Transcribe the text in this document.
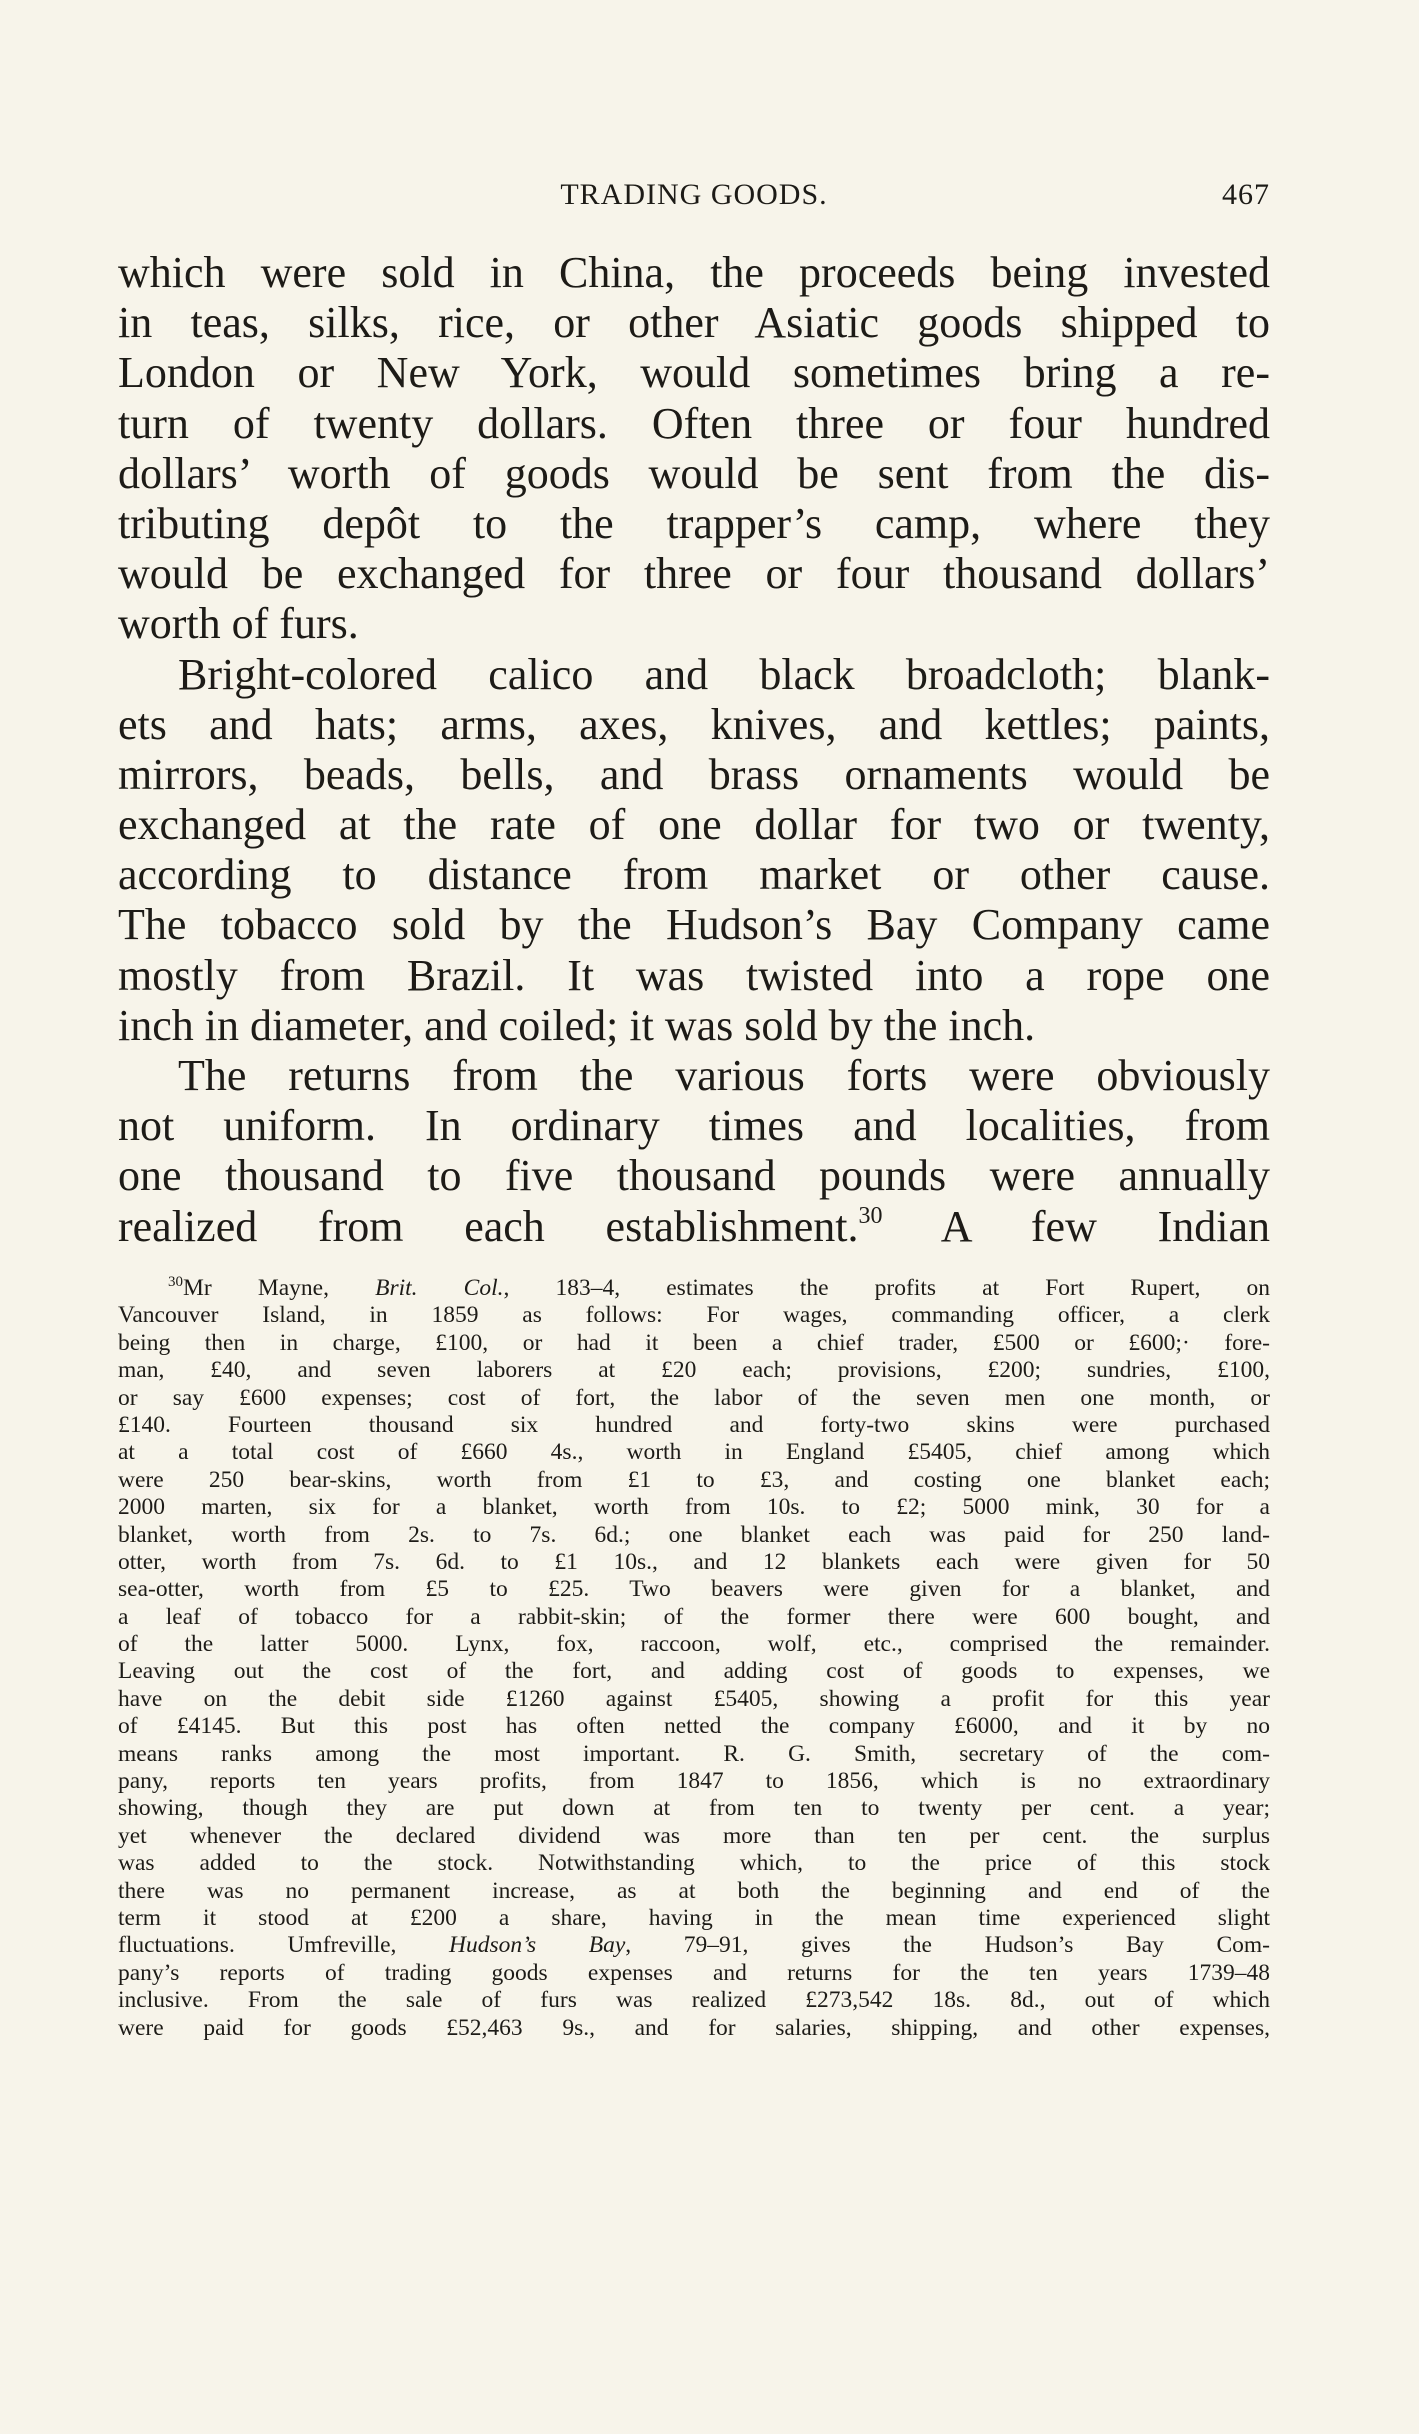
TRADING GOODS.	467
which were sold in China, the proceeds being invested
in teas, silks, rice, or other Asiatic goods shipped to
London or New York, would sometimes bring a re-
turn of twenty dollars. Often three or four hundred
dollars’ worth of goods would be sent from the dis-
tributing depôt to the trapper’s camp, where they
would be exchanged for three or four thousand dollars’
worth of furs.
Bright-colored calico and black broadcloth; blank-
ets and hats; arms, axes, knives, and kettles; paints,
mirrors, beads, bells, and brass ornaments would be
exchanged at the rate of one dollar for two or twenty,
according to distance from market or other cause.
The tobacco sold by the Hudson’s Bay Company came
mostly from Brazil. It was twisted into a rope one
inch in diameter, and coiled; it was sold by the inch.
The returns from the various forts were obviously
not uniform. In ordinary times and localities, from
one thousand to five thousand pounds were annually
realized from each establishment.$^{30}$ A few Indian
$^{30}$Mr Mayne, Brit. Col., 183–4, estimates the profits at Fort Rupert, on
Vancouver Island, in 1859 as follows: For wages, commanding officer, a clerk
being then in charge, £100, or had it been a chief trader, £500 or £600;· fore-
man, £40, and seven laborers at £20 each; provisions, £200; sundries, £100,
or say £600 expenses; cost of fort, the labor of the seven men one month, or
£140. Fourteen thousand six hundred and forty-two skins were purchased
at a total cost of £660 4s., worth in England £5405, chief among which
were 250 bear-skins, worth from £1 to £3, and costing one blanket each;
2000 marten, six for a blanket, worth from 10s. to £2; 5000 mink, 30 for a
blanket, worth from 2s. to 7s. 6d.; one blanket each was paid for 250 land-
otter, worth from 7s. 6d. to £1 10s., and 12 blankets each were given for 50
sea-otter, worth from £5 to £25. Two beavers were given for a blanket, and
a leaf of tobacco for a rabbit-skin; of the former there were 600 bought, and
of the latter 5000. Lynx, fox, raccoon, wolf, etc., comprised the remainder.
Leaving out the cost of the fort, and adding cost of goods to expenses, we
have on the debit side £1260 against £5405, showing a profit for this year
of £4145. But this post has often netted the company £6000, and it by no
means ranks among the most important. R. G. Smith, secretary of the com-
pany, reports ten years profits, from 1847 to 1856, which is no extraordinary
showing, though they are put down at from ten to twenty per cent. a year;
yet whenever the declared dividend was more than ten per cent. the surplus
was added to the stock. Notwithstanding which, to the price of this stock
there was no permanent increase, as at both the beginning and end of the
term it stood at £200 a share, having in the mean time experienced slight
fluctuations. Umfreville, Hudson’s Bay, 79–91, gives the Hudson’s Bay Com-
pany’s reports of trading goods expenses and returns for the ten years 1739–48
inclusive. From the sale of furs was realized £273,542 18s. 8d., out of which
were paid for goods £52,463 9s., and for salaries, shipping, and other expenses,
